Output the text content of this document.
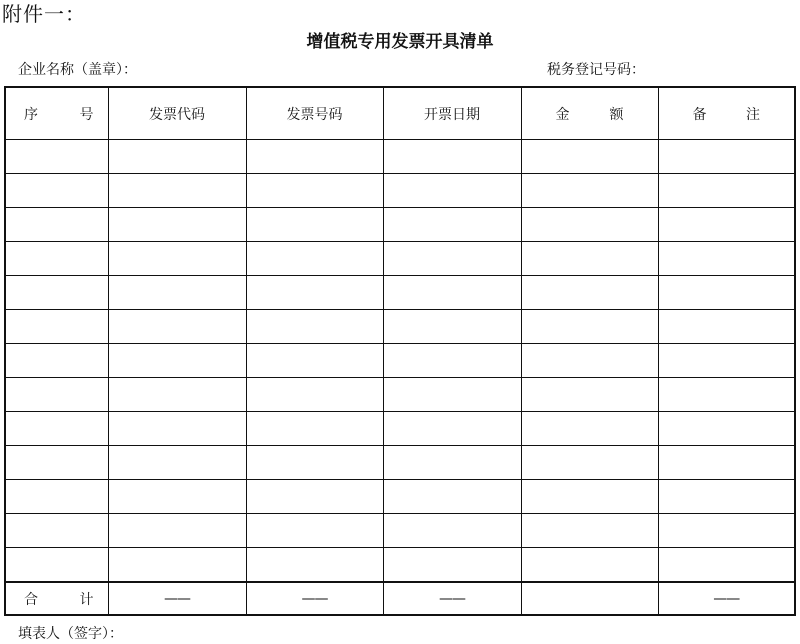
附件一：
增值税专用发票开具清单
企业名称（盖章）：	税务登记号码：
序 号	发票代码	发票号码	开票日期	金 额	备 注

合 计	——	——	——		——
填表人（签字）：
